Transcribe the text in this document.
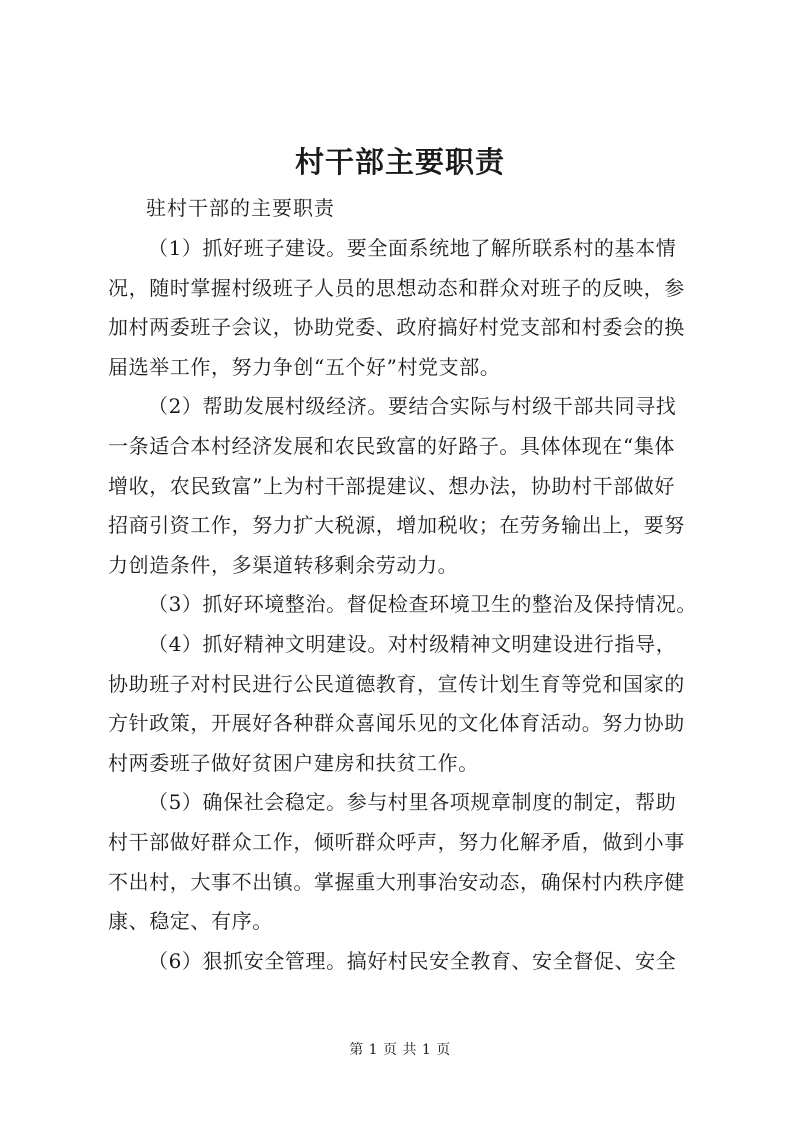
村干部主要职责
驻村干部的主要职责
（1）抓好班子建设。要全面系统地了解所联系村的基本情
况，随时掌握村级班子人员的思想动态和群众对班子的反映，参
加村两委班子会议，协助党委、政府搞好村党支部和村委会的换
届选举工作，努力争创“五个好”村党支部。
（2）帮助发展村级经济。要结合实际与村级干部共同寻找
一条适合本村经济发展和农民致富的好路子。具体体现在“集体
增收，农民致富”上为村干部提建议、想办法，协助村干部做好
招商引资工作，努力扩大税源，增加税收；在劳务输出上，要努
力创造条件，多渠道转移剩余劳动力。
（3）抓好环境整治。督促检查环境卫生的整治及保持情况。
（4）抓好精神文明建设。对村级精神文明建设进行指导，
协助班子对村民进行公民道德教育，宣传计划生育等党和国家的
方针政策，开展好各种群众喜闻乐见的文化体育活动。努力协助
村两委班子做好贫困户建房和扶贫工作。
（5）确保社会稳定。参与村里各项规章制度的制定，帮助
村干部做好群众工作，倾听群众呼声，努力化解矛盾，做到小事
不出村，大事不出镇。掌握重大刑事治安动态，确保村内秩序健
康、稳定、有序。
（6）狠抓安全管理。搞好村民安全教育、安全督促、安全
第 1 页 共 1 页
